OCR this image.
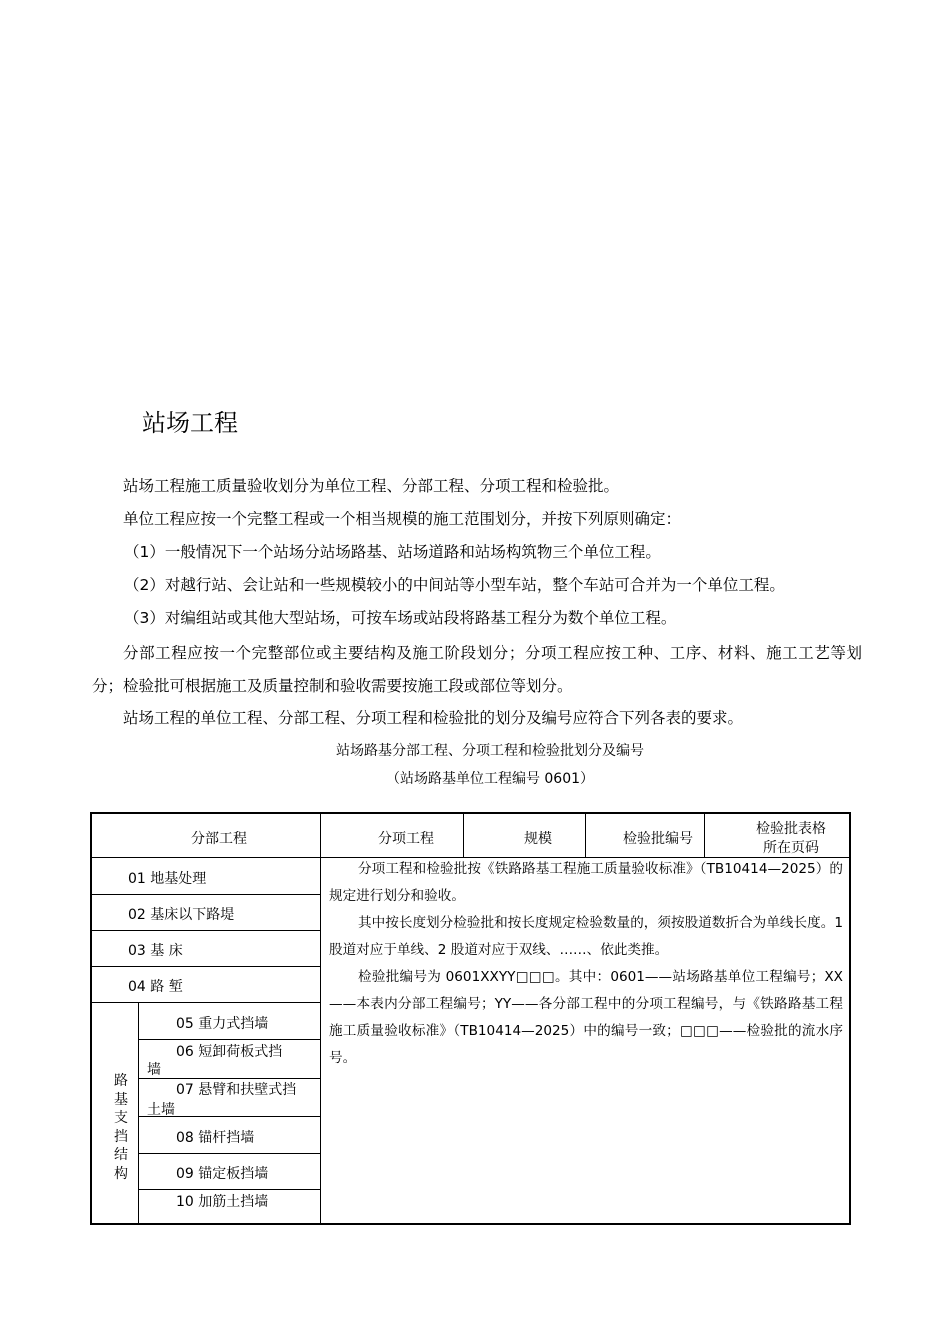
站场工程
站场工程施工质量验收划分为单位工程、分部工程、分项工程和检验批。
单位工程应按一个完整工程或一个相当规模的施工范围划分，并按下列原则确定：
（1）一般情况下一个站场分站场路基、站场道路和站场构筑物三个单位工程。
（2）对越行站、会让站和一些规模较小的中间站等小型车站，整个车站可合并为一个单位工程。
（3）对编组站或其他大型站场，可按车场或站段将路基工程分为数个单位工程。
分部工程应按一个完整部位或主要结构及施工阶段划分；分项工程应按工种、工序、材料、施工工艺等划分；检验批可根据施工及质量控制和验收需要按施工段或部位等划分。
站场工程的单位工程、分部工程、分项工程和检验批的划分及编号应符合下列各表的要求。
站场路基分部工程、分项工程和检验批划分及编号
（站场路基单位工程编号 0601）
分部工程	分项工程	规模	检验批编号
检验批表格
所在页码
01 地基处理
02 基床以下路堤
03 基 床
04 路 堑
路基支挡结构
05 重力式挡墙
06 短卸荷板式挡
墙
07 悬臂和扶壁式挡
土墙
08 锚杆挡墙
09 锚定板挡墙
10 加筋土挡墙

分项工程和检验批按《铁路路基工程施工质量验收标准》（TB10414—2025）的规定进行划分和验收。

其中按长度划分检验批和按长度规定检验数量的，须按股道数折合为单线长度。1 股道对应于单线、2 股道对应于双线、……、依此类推。

检验批编号为 0601XXYY□□□。其中：0601——站场路基单位工程编号；XX——本表内分部工程编号；YY——各分部工程中的分项工程编号，与《铁路路基工程施工质量验收标准》（TB10414—2025）中的编号一致；□□□——检验批的流水序号。
